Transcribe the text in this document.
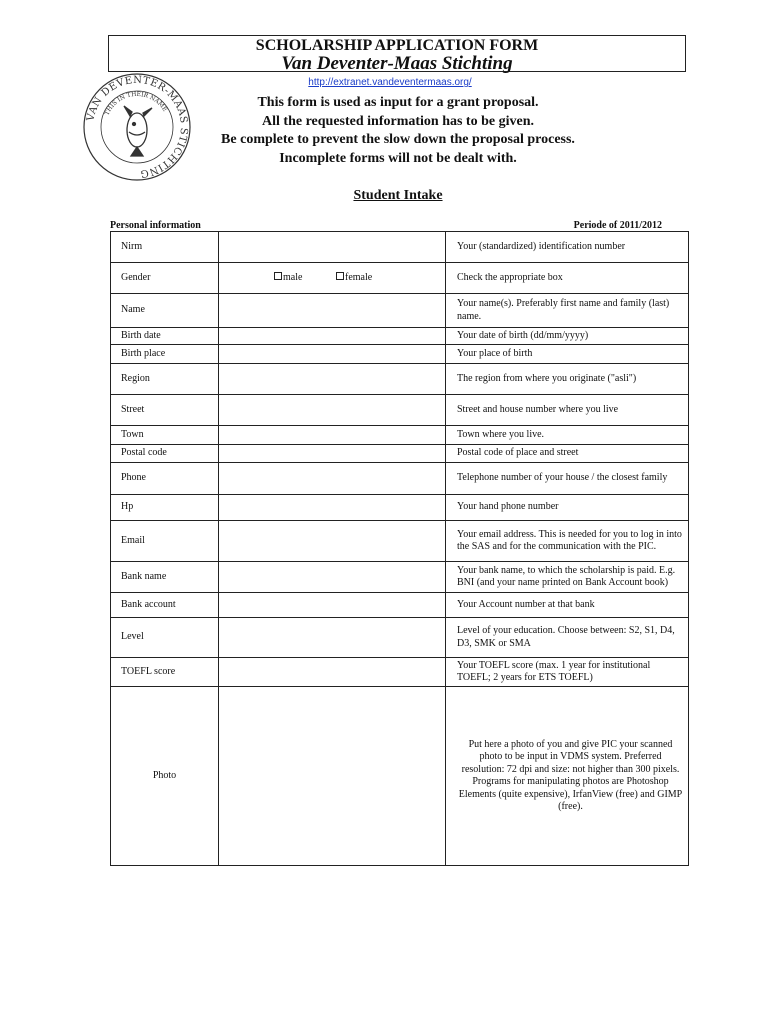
SCHOLARSHIP APPLICATION FORM
Van Deventer-Maas Stichting
VAN DEVENTER-MAAS STICHTING
THIS IN THEIR NAME
http://extranet.vandeventermaas.org/
This form is used as input for a grant proposal.
All the requested information has to be given.
Be complete to prevent the slow down the proposal process.
Incomplete forms will not be dealt with.
Student Intake
Personal information	Periode of 2011/2012
Nirm		Your (standardized) identification number
Gender	male female	Check the appropriate box
Name		Your name(s). Preferably first name and family (last) name.
Birth date		Your date of birth (dd/mm/yyyy)
Birth place		Your place of birth
Region		The region from where you originate ("asli")
Street		Street and house number where you live
Town		Town where you live.
Postal code		Postal code of place and street
Phone		Telephone number of your house / the closest family
Hp		Your hand phone number
Email		Your email address. This is needed for you to log in into the SAS and for the communication with the PIC.
Bank name		Your bank name, to which the scholarship is paid. E.g. BNI (and your name printed on Bank Account book)
Bank account		Your Account number at that bank
Level		Level of your education. Choose between: S2, S1, D4, D3, SMK or SMA
TOEFL score		Your TOEFL score (max. 1 year for institutional TOEFL; 2 years for ETS TOEFL)
Photo		Put here a photo of you and give PIC your scanned photo to be input in VDMS system. Preferred resolution: 72 dpi and size: not higher than 300 pixels. Programs for manipulating photos are Photoshop Elements (quite expensive), IrfanView (free) and GIMP (free).
